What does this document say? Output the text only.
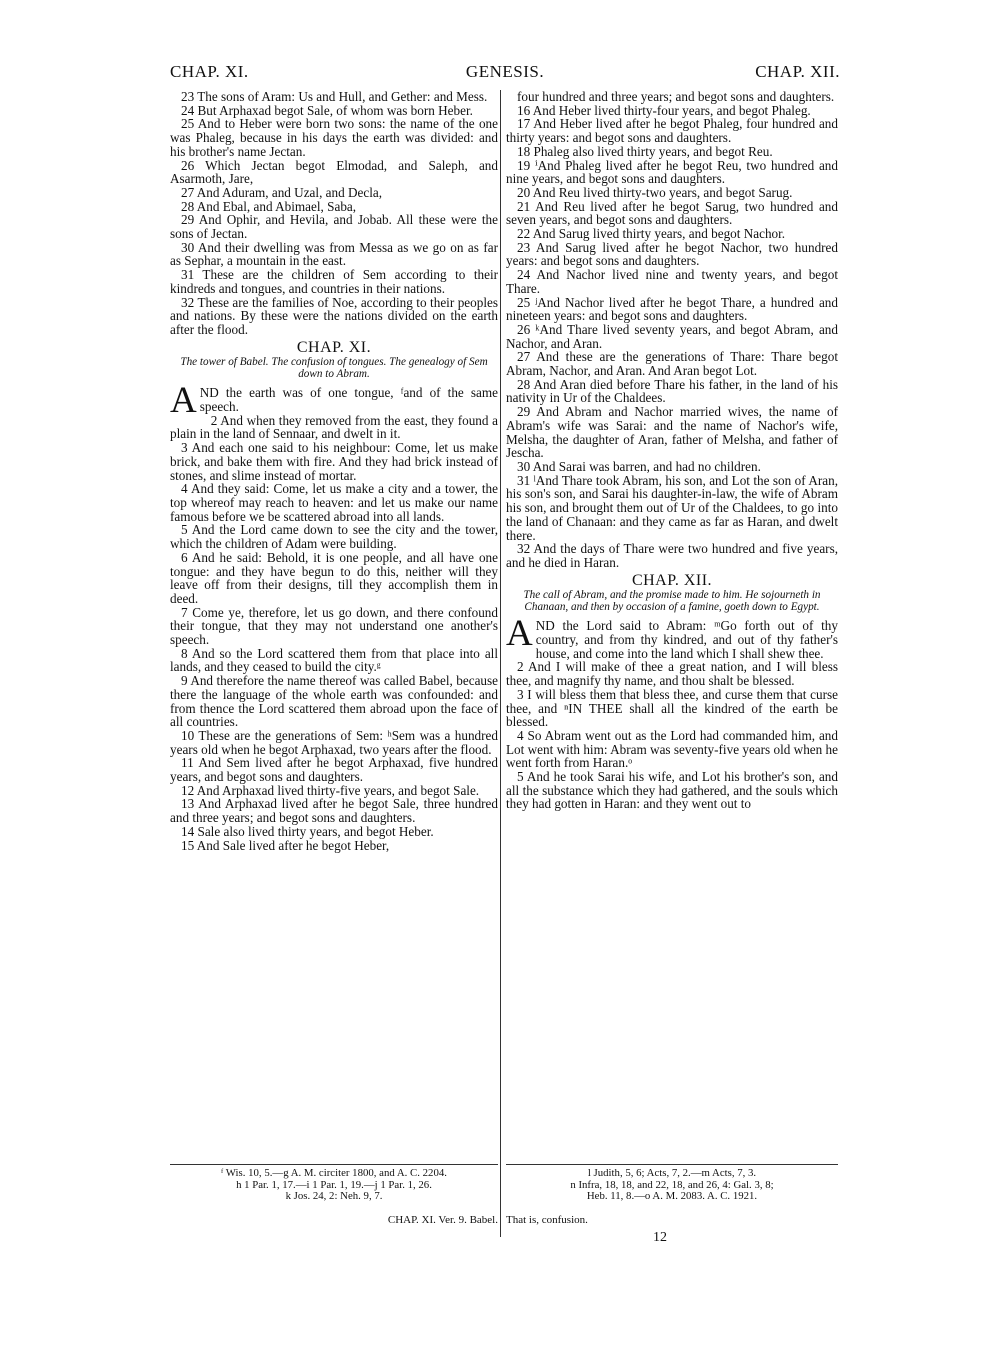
CHAP. XI.	GENESIS.	CHAP. XII.

23 The sons of Aram: Us and Hull, and Gether: and Mess.

24 But Arphaxad begot Sale, of whom was born Heber.

25 And to Heber were born two sons: the name of the one was Phaleg, because in his days the earth was divided: and his brother's name Jectan.

26 Which Jectan begot Elmodad, and Saleph, and Asarmoth, Jare,

27 And Aduram, and Uzal, and Decla,

28 And Ebal, and Abimael, Saba,

29 And Ophir, and Hevila, and Jobab. All these were the sons of Jectan.

30 And their dwelling was from Messa as we go on as far as Sephar, a mountain in the east.

31 These are the children of Sem according to their kindreds and tongues, and countries in their nations.

32 These are the families of Noe, according to their peoples and nations. By these were the nations divided on the earth after the flood.

CHAP. XI.
The tower of Babel. The confusion of tongues. The genealogy of Sem down to Abram.

AND the earth was of one tongue, ᶠand of the same speech.

2 And when they removed from the east, they found a plain in the land of Sennaar, and dwelt in it.

3 And each one said to his neighbour: Come, let us make brick, and bake them with fire. And they had brick instead of stones, and slime instead of mortar.

4 And they said: Come, let us make a city and a tower, the top whereof may reach to heaven: and let us make our name famous before we be scattered abroad into all lands.

5 And the Lord came down to see the city and the tower, which the children of Adam were building.

6 And he said: Behold, it is one people, and all have one tongue: and they have begun to do this, neither will they leave off from their designs, till they accomplish them in deed.

7 Come ye, therefore, let us go down, and there confound their tongue, that they may not understand one another's speech.

8 And so the Lord scattered them from that place into all lands, and they ceased to build the city.ᵍ

9 And therefore the name thereof was called Babel, because there the language of the whole earth was confounded: and from thence the Lord scattered them abroad upon the face of all countries.

10 These are the generations of Sem: ʰSem was a hundred years old when he begot Arphaxad, two years after the flood.

11 And Sem lived after he begot Arphaxad, five hundred years, and begot sons and daughters.

12 And Arphaxad lived thirty-five years, and begot Sale.

13 And Arphaxad lived after he begot Sale, three hundred and three years; and begot sons and daughters.

14 Sale also lived thirty years, and begot Heber.

15 And Sale lived after he begot Heber,

four hundred and three years; and begot sons and daughters.

16 And Heber lived thirty-four years, and begot Phaleg.

17 And Heber lived after he begot Phaleg, four hundred and thirty years: and begot sons and daughters.

18 Phaleg also lived thirty years, and begot Reu.

19 ⁱAnd Phaleg lived after he begot Reu, two hundred and nine years, and begot sons and daughters.

20 And Reu lived thirty-two years, and begot Sarug.

21 And Reu lived after he begot Sarug, two hundred and seven years, and begot sons and daughters.

22 And Sarug lived thirty years, and begot Nachor.

23 And Sarug lived after he begot Nachor, two hundred years: and begot sons and daughters.

24 And Nachor lived nine and twenty years, and begot Thare.

25 ʲAnd Nachor lived after he begot Thare, a hundred and nineteen years: and begot sons and daughters.

26 ᵏAnd Thare lived seventy years, and begot Abram, and Nachor, and Aran.

27 And these are the generations of Thare: Thare begot Abram, Nachor, and Aran. And Aran begot Lot.

28 And Aran died before Thare his father, in the land of his nativity in Ur of the Chaldees.

29 And Abram and Nachor married wives, the name of Abram's wife was Sarai: and the name of Nachor's wife, Melsha, the daughter of Aran, father of Melsha, and father of Jescha.

30 And Sarai was barren, and had no children.

31 ˡAnd Thare took Abram, his son, and Lot the son of Aran, his son's son, and Sarai his daughter-in-law, the wife of Abram his son, and brought them out of Ur of the Chaldees, to go into the land of Chanaan: and they came as far as Haran, and dwelt there.

32 And the days of Thare were two hundred and five years, and he died in Haran.

CHAP. XII.
The call of Abram, and the promise made to him. He sojourneth in Chanaan, and then by occasion of a famine, goeth down to Egypt.

AND the Lord said to Abram: ᵐGo forth out of thy country, and from thy kindred, and out of thy father's house, and come into the land which I shall shew thee.

2 And I will make of thee a great nation, and I will bless thee, and magnify thy name, and thou shalt be blessed.

3 I will bless them that bless thee, and curse them that curse thee, and ⁿIN THEE shall all the kindred of the earth be blessed.

4 So Abram went out as the Lord had commanded him, and Lot went with him: Abram was seventy-five years old when he went forth from Haran.ᵒ

5 And he took Sarai his wife, and Lot his brother's son, and all the substance which they had gathered, and the souls which they had gotten in Haran: and they went out to

ᶠ Wis. 10, 5.—g A. M. circiter 1800, and A. C. 2204.
h 1 Par. 1, 17.—i 1 Par. 1, 19.—j 1 Par. 1, 26.
k Jos. 24, 2: Neh. 9, 7.
l Judith, 5, 6; Acts, 7, 2.—m Acts, 7, 3.
n Infra, 18, 18, and 22, 18, and 26, 4: Gal. 3, 8;
Heb. 11, 8.—o A. M. 2083. A. C. 1921.
CHAP. XI. Ver. 9. Babel. That is, confusion.
12
